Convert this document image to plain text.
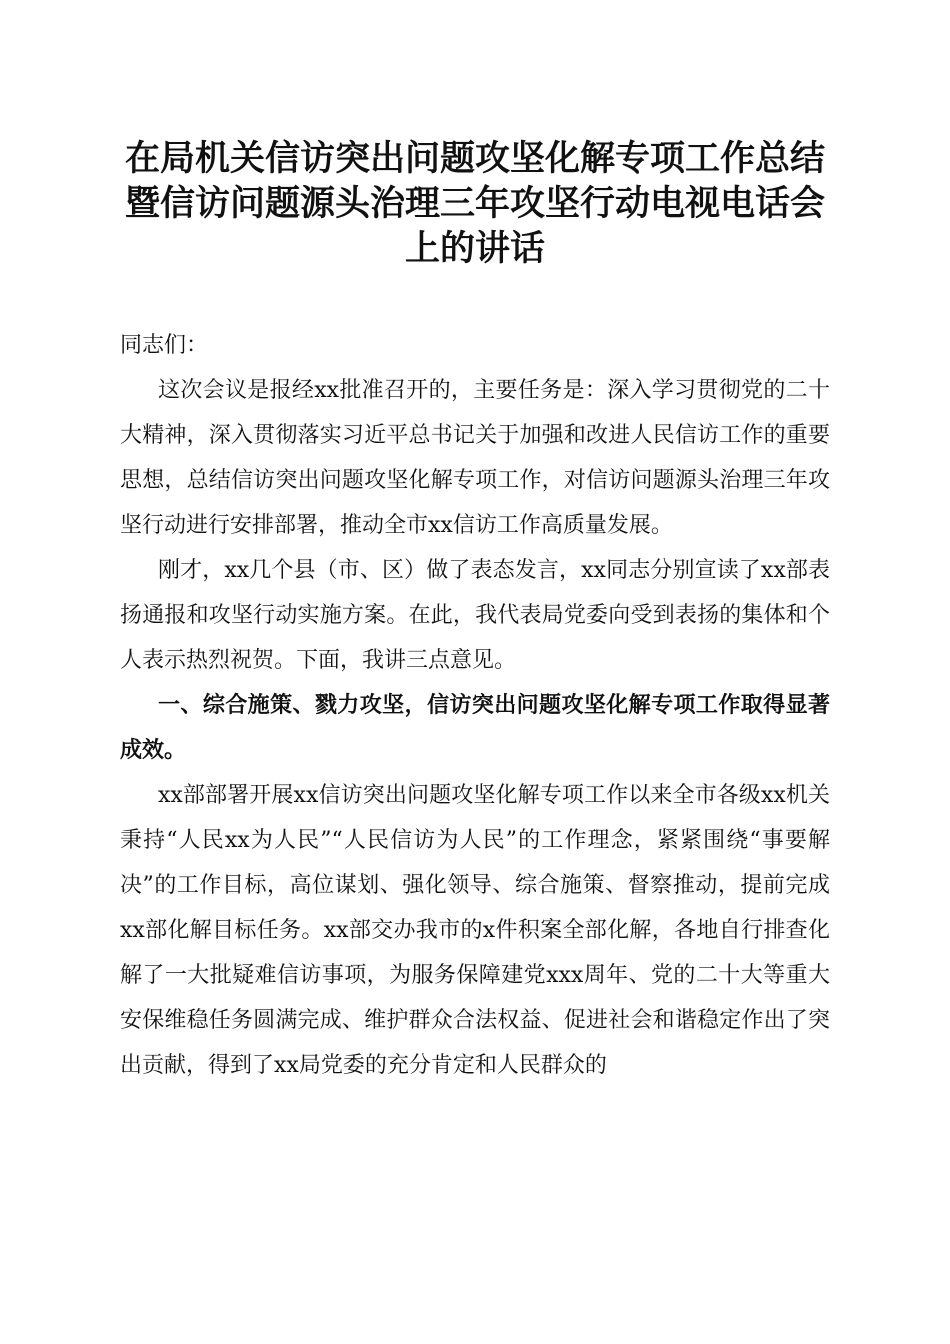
在局机关信访突出问题攻坚化解专项工作总结
暨信访问题源头治理三年攻坚行动电视电话会
上的讲话

同志们：

这次会议是报经xx批准召开的，主要任务是：深入学习贯彻党的二十大精神，深入贯彻落实习近平总书记关于加强和改进人民信访工作的重要思想，总结信访突出问题攻坚化解专项工作，对信访问题源头治理三年攻坚行动进行安排部署，推动全市xx信访工作高质量发展。

刚才，xx几个县（市、区）做了表态发言，xx同志分别宣读了xx部表扬通报和攻坚行动实施方案。在此，我代表局党委向受到表扬的集体和个人表示热烈祝贺。下面，我讲三点意见。

一、综合施策、戮力攻坚，信访突出问题攻坚化解专项工作取得显著成效。

xx部部署开展xx信访突出问题攻坚化解专项工作以来全市各级xx机关秉持“人民xx为人民”“人民信访为人民”的工作理念，紧紧围绕“事要解决”的工作目标，高位谋划、强化领导、综合施策、督察推动，提前完成xx部化解目标任务。xx部交办我市的x件积案全部化解，各地自行排查化解了一大批疑难信访事项，为服务保障建党xxx周年、党的二十大等重大安保维稳任务圆满完成、维护群众合法权益、促进社会和谐稳定作出了突出贡献，得到了xx局党委的充分肯定和人民群众的
